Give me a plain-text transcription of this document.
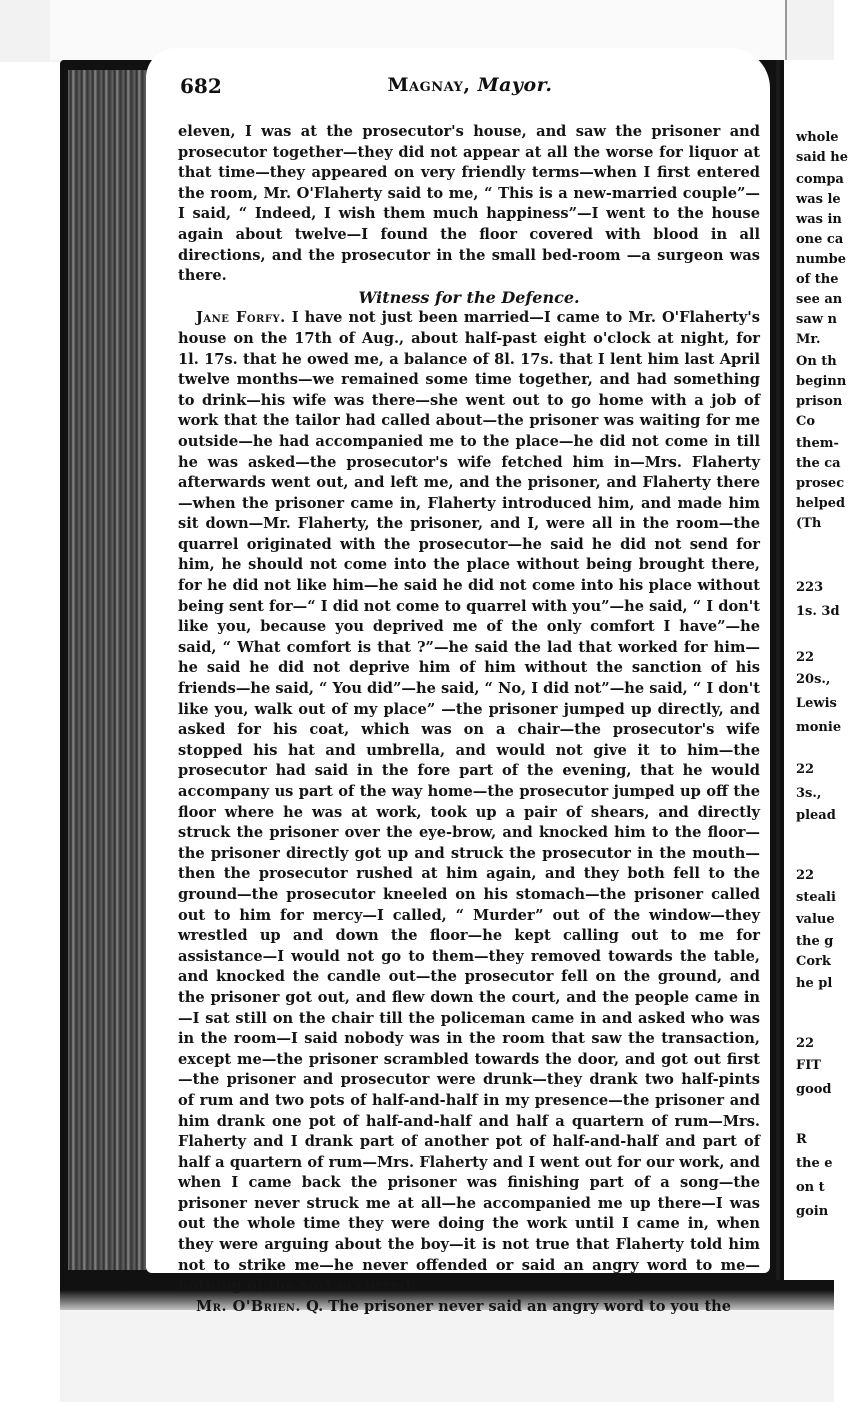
whole
said he
compa
was le
was in
one ca
numbe
of the
see an
saw n
Mr.
On th
beginn
prison
Co
them-
the ca
prosec
helped
(Th
223
1s. 3d
22
20s.,
Lewis
monie
22
3s.,
plead
22
steali
value
the g
Cork
he pl
22
FIT
good
R
the e
on t
goin
682	Magnay, Mayor.

eleven, I was at the prosecutor's house, and saw the prisoner and prosecutor together—they did not appear at all the worse for liquor at that time—they appeared on very friendly terms—when I first entered the room, Mr. O'Flaherty said to me, “ This is a new-married couple”—I said, “ Indeed, I wish them much happiness”—I went to the house again about twelve—I found the floor covered with blood in all directions, and the prosecutor in the small bed-room —a surgeon was there.

Witness for the Defence.

Jane Forfy. I have not just been married—I came to Mr. O'Flaherty's house on the 17th of Aug., about half-past eight o'clock at night, for 1l. 17s. that he owed me, a balance of 8l. 17s. that I lent him last April twelve months—we remained some time together, and had something to drink—his wife was there—she went out to go home with a job of work that the tailor had called about—the prisoner was waiting for me outside—he had accompanied me to the place—he did not come in till he was asked—the prosecutor's wife fetched him in—Mrs. Flaherty afterwards went out, and left me, and the prisoner, and Flaherty there—when the prisoner came in, Flaherty introduced him, and made him sit down—Mr. Flaherty, the prisoner, and I, were all in the room—the quarrel originated with the prosecutor—he said he did not send for him, he should not come into the place without being brought there, for he did not like him—he said he did not come into his place without being sent for—“ I did not come to quarrel with you”—he said, “ I don't like you, because you deprived me of the only comfort I have”—he said, “ What comfort is that ?”—he said the lad that worked for him—he said he did not deprive him of him without the sanction of his friends—he said, “ You did”—he said, “ No, I did not”—he said, “ I don't like you, walk out of my place” —the prisoner jumped up directly, and asked for his coat, which was on a chair—the prosecutor's wife stopped his hat and umbrella, and would not give it to him—the prosecutor had said in the fore part of the evening, that he would accompany us part of the way home—the prosecutor jumped up off the floor where he was at work, took up a pair of shears, and directly struck the prisoner over the eye-brow, and knocked him to the floor—the prisoner directly got up and struck the prosecutor in the mouth—then the prosecutor rushed at him again, and they both fell to the ground—the prosecutor kneeled on his stomach—the prisoner called out to him for mercy—I called, “ Murder” out of the window—they wrestled up and down the floor—he kept calling out to me for assistance—I would not go to them—they removed towards the table, and knocked the candle out—the prosecutor fell on the ground, and the prisoner got out, and flew down the court, and the people came in—I sat still on the chair till the policeman came in and asked who was in the room—I said nobody was in the room that saw the transaction, except me—the prisoner scrambled towards the door, and got out first—the prisoner and prosecutor were drunk—they drank two half-pints of rum and two pots of half-and-half in my presence—the prisoner and him drank one pot of half-and-half and half a quartern of rum—Mrs. Flaherty and I drank part of another pot of half-and-half and part of half a quartern of rum—Mrs. Flaherty and I went out for our work, and when I came back the prisoner was finishing part of a song—the prisoner never struck me at all—he accompanied me up there—I was out the whole time they were doing the work until I came in, when they were arguing about the boy—it is not true that Flaherty told him not to strike me—he never offended or said an angry word to me—nothing of the sort occurred.

Mr. O'Brien. Q. The prisoner never said an angry word to you the
